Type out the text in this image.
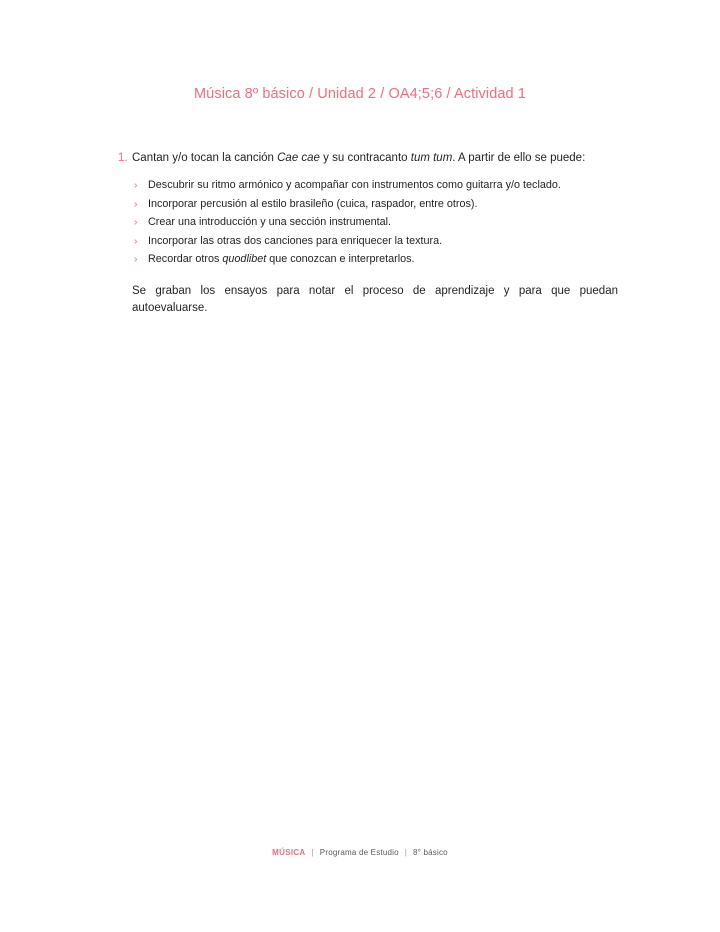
Música 8º básico / Unidad 2 / OA4;5;6 / Actividad 1
1. Cantan y/o tocan la canción Cae cae y su contracanto tum tum. A partir de ello se puede:

› Descubrir su ritmo armónico y acompañar con instrumentos como guitarra y/o teclado.
› Incorporar percusión al estilo brasileño (cuica, raspador, entre otros).
› Crear una introducción y una sección instrumental.
› Incorporar las otras dos canciones para enriquecer la textura.
› Recordar otros quodlibet que conozcan e interpretarlos.

Se graban los ensayos para notar el proceso de aprendizaje y para que puedan autoevaluarse.

MÚSICA | Programa de Estudio | 8° básico
